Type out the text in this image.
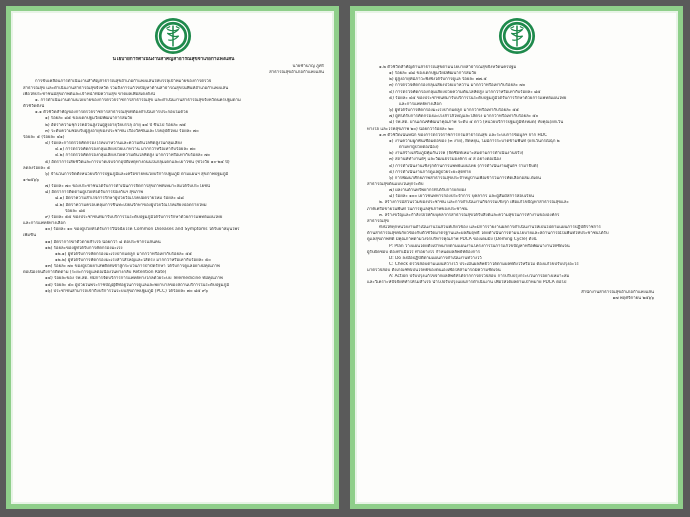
นโยบายการดำเนินงานสำคัญสาธารณสุขจำเภอกำแพงแสน

นายชำนาญ ภูศรี

สาธารณสุขอำเภอกำแพงแสน

การขับเคลื่อนการดำเนินงานสำคัญสาธารณสุขอำเภอกำแพงแสนให้บรรลุเป้าหมายของการตรวจ

สาธารณสุข และดำเนินงานสาธารณสุขจังหวัด รวมถึงการแก้ไขปัญหาด้านสาธารณสุขในพื้นที่อำเภอกำแพงแสน

เพื่อให้ประชาชนมีสุขภาพดีและเจ้าหน้าที่มีความสุข ขาดผลเพื่อสเต็งดังนี้

๑. การดำเนินงานตามนโยบายของการตรวจราชการสาธารณสุข และดำเนินงานสาธารณสุขจังหวัดนครปฐมตาม

ตัวชี้วัดดังนี้

๑.๑ ตัวชี้วัดสำคัญของการตรวจราชการสาธารณสุขที่ต้องดำเนินการประกอบไม่ด้วย

๑) ร้อยละ ๘๕ ของเด็กปฐมวัยมีพัฒนาการสมวัย

๒) อัตราความชุกโรคอ้วนสูงในผู้สูงอายุวัยบรรลุ อายุ ๑๔ ปี ขึ้นไป ร้อยละ ๗๕

๓) ระดับความชอบรับผู้สูงอายุของประชาชน เรื่องวัคซีนและโรคอุบัติใหม่ ร้อยละ ๗๐

ร้อยละ ๕ (ร้อยละ ๔๑)

๔) ร้อยละการตรวจคัดกรองโรคเบาหวานและความดันโลหิตสูงในกลุ่มเสี่ยง

๔.๑) การตรวจคัดกรองกลุ่มเสี่ยงป่วยเบาหวาน มากกว่าหรือเท่ากับร้อยละ ๗๐

๔.๒) การตรวจคัดกรองกลุ่มเสี่ยงป่วยความดันโลหิตสูง มากกว่าหรือเท่ากับร้อยละ ๗๐

๕) อัตราการเสียชีวิตและการบาดเจ็บจากอุบัติเหตุทางถนนในกลุ่มเด็กและเยาวชน (ช่วงวัย ๑๐-๒๔ ปี)

ลดลงร้อยละ ๕

๖) จำนวนการจัดตั้งหน่วยบริการปฐมภูมิและเครือข่ายหน่วยบริการปฐมภูมิ ตามแผนฯ สุขภาพปฐมภูมิ

๑-๒๕๖๖

๗) ร้อยละ ๗๐ ของประชาชนได้รับการดำเนินการจัดการสุขภาพที่เหมาะสมได้รับประโยชน์

๘) อัตราการติดตามผู้ป่วยที่ได้รับการป้องกันฯ สุขภาพ

๘.๑) อัตราความสำเร็จการรักษาผู้ป่วยวัณโรคปอดรายใหม่ ร้อยละ ๘๘

๘.๒) อัตราความครอบคลุมการขึ้นทะเบียนรักษาของผู้ป่วยวัณโรคเสี่ยงปอดรายใหม่

ร้อยละ ๘๕

๙) ร้อยละ ๕๕ ของประชาชนที่มารับบริการในระดับปฐมภูมิได้รับการรักษาด้วยการแพทย์แผนไทย

และการแพทย์ทางเลือก

๑๐) ร้อยละ ๑๐ ของผู้ป่วยที่ได้รับการวินิจฉัยโรค Common Diseases and Symptoms ได้รับยาสมุนไพร

เพิ่มขึ้น

๑๑) อัตราการฆ่าตัวตายสำเร็จ น้อยกว่า ๘ ต่อประชากรแสนคน

๑๒) ร้อยละของผู้ที่ได้รับการคัดกรองมะเร็ง

๑๒.๑) ผู้ที่ได้รับการคัดกรองมะเร็งปากมดลูก มากกว่าหรือเท่ากับร้อยละ ๕๕

๑๒.๒) ผู้ที่ได้รับการคัดกรองมะเร็งลำไส้ใหญ่และไส้ตรง มากกว่าหรือเท่ากับร้อยละ ๕๐

๑๓) ร้อยละ ๗๐ ของผู้ป่วยยาเสพติดที่เข้าสู่กระบวนการบำบัดรักษา ได้รับการดูแลอย่างมีคุณภาพ

ต่อเนื่องจนถึงการติดตาม (ระยะการดูแลต่อเนื่องในทางกลับ Retention Rate)

๑๔) ร้อยละของ รพ.สต. ที่มีการจัดบริการการแพทย์ทางไกลด้วยระบบ Telemedicine ที่มีคุณภาพ

๑๕) ร้อยละ ๕๐ ผู้ป่วยในพระราชบัญญัติที่อยู่ในการดูแลและพยาบาลของสถานบริการในระดับปฐมภูมิ

๑๖) ประชาชนสามารถเข้าถึงบริการในระบบสุขภาพปฐมภูมิ (PCC) ได้ร้อยละ ๗๐ ๘๕ ๙๖

๑.๒ ตัวชี้วัดสำคัญด้านสาธารณสุขตามนโยบายสาธารณสุขจังหวัดนครปฐม

๑) ร้อยละ ๘๘ ของเด็กปฐมวัยมีพัฒนาการสมวัย

๒) ผู้สูงอายุที่มีภาวะพึ่งพิงได้รับการดูแล ร้อยละ ๗๗.๕

๓) การตรวจคัดกรองกลุ่มเสี่ยงป่วยเบาหวาน มากกว่าหรือเท่ากับร้อยละ ๗๐

๔) การตรวจคัดกรองกลุ่มเสี่ยงป่วยความดันโลหิตสูง มากกว่าหรือเท่ากับร้อยละ ๘๕

๕) ร้อยละ ๔๕ ของประชาชนที่มารับบริการในระดับปฐมภูมิได้รับการรักษาด้วยการแพทย์แผนไทย

และการแพทย์ทางเลือก

๖) ผู้ที่ได้รับการคัดกรองมะเร็งปากมดลูก มากกว่าหรือเท่ากับร้อยละ ๕๕

๗) ผู้ที่ได้รับการคัดกรองมะเร็งลำไส้ใหญ่และไส้ตรง มากกว่าหรือเท่ากับร้อยละ ๕๐

๘) รพ.สต. ผ่านเกณฑ์พัฒนาคุณภาพ ระดับ ๕ ดาว (หน่วยบริการปฐมภูมิทั้งหมด) ทั้งคุณ(ยกเว้น

ทางใจ และโรคสุขภาพ ๒๐) น้อยกว่าร้อยละ ๒๐

๑.๓ ตัวชี้วัดเน้นหนัก ของการตรวจราชการกรมสาธารณสุข และระบบการข้อมูลฯ จาก HDC

๑) งานความผูกพันเชื่อมต่อของ (๓ ง่าย), ยืดหยุ่น, ไม่มีการระบาดข้ามพื้นที่ (ยกเว้นกรณีฉุก ๒

ตามหาผู้ป่วยต่อเนื่อง)

๒) งานสร้างเสริมภูมิคุ้มกันโรค (จัดซื้อที่เหมาะสมตามการดำเนินงานจริง)

๓) สถานที่ทำงานดีๆ และวัฒนธรรมองค์กร ๕ ส อย่างต่อเนื่อง

๔) การดำเนินงานเชิงรุกด้านการแพทย์แผนไทย (การดำเนินงานศูนย์ฯ รามาธิบดี)

๕) การดำเนินงานการดูแลผู้ป่วยระยะสุดท้าย

๖) การพัฒนาศักยภาพสาธารณสุขประจำหมู่บ้านเพื่อเข้าร่วมการคัดเลือกอสม.ดีเด่น

สาธารณสุขต้นแบบในทุกระดับ

๗) ผลงานด้านทรัพยากรที่ได้รับการยกย่อง

๘) ร้อยละ ๑๐๐ เยาวชนทหารกองประจำการ บุคลากร และผู้สัมผัสการสอบเรียน

๒. สร้างการมีส่วนร่วมของประชาชน และการดำเนินงานกิจกรรมเชิงรุก เพื่อแก้ไขปัญหาสาธารณสุขและ

ภาคีเครือข่ายในพื้นที่ ในการดูแลสุขภาพของประชาชน

๓. สร้างขวัญและกำลังใจให้กับบุคลากรสาธารณสุขได้รับสิ่งดีและความสุขในการทำงานขององค์กร

สาธารณสุข

ทั้งนี้ให้ทุกหน่วยงานดำเนินงานในส่วนที่เกี่ยวข้อง และมีการรายงานผลการดำเนินงานให้เป็นไปตามแผนการปฏิบัติราชการ

ด้านสาธารณสุขที่เกี่ยวข้องกับตัวชี้วัดมาตรฐานและผลสัมฤทธิ์ โดยดำเนินการตามนโยบายและสถานการณ์ในพื้นที่ให้ประชาชนได้รับ

ดูแลสุขภาพที่ดี มีคุณภาพตามวงจรบริหารคุณภาพ PDCA ของเดมมิ่ง (Deming Cycle) ดังนี้

P: Plan วางแผนโดยตั้งเป้าหมายตามแผนงานโครงการในการแก้ไขปัญหาหรือพัฒนางานให้ชัดเจน

ผู้รับผิดชอบ ต้องทำเมื่อไร ทำอย่างไร กำหนดผลลัพธ์ที่ต้องการ

D: Do ลงมือปฏิบัติตามแผนการดำเนินงานที่วางไว้

C: Check ตรวจสอบตามแผนที่วางไว้ ประเมินผลลัพธ์ว่าได้ตามผลที่ตั้งไว้หรือไม่ ต้องแก้ไขปรับปรุงอะไร

มาตรวจสอบ ตั้งเกณฑ์ที่เป็นโจทย์ของตนเองเพื่อให้สามารถมีความชัดเจน

A: Action ปรับปรุงแก้ไขจากผลลัพธ์ที่ได้จากการตรวจสอบ การปรับปรุงกระบวนการอย่างเหมาะสม

และวิเคราะห์ปัจจัยที่ทำให้ไม่สำเร็จ นำไปปรับปรุงแผนการดำเนินงาน เพื่อให้ได้ผลตามเป้าหมาย PDCA ต่อไป

สำนักงานสาธารณสุขอำเภอกำแพงแสน

๑๗ พฤศจิกายน ๒๕๖๖
